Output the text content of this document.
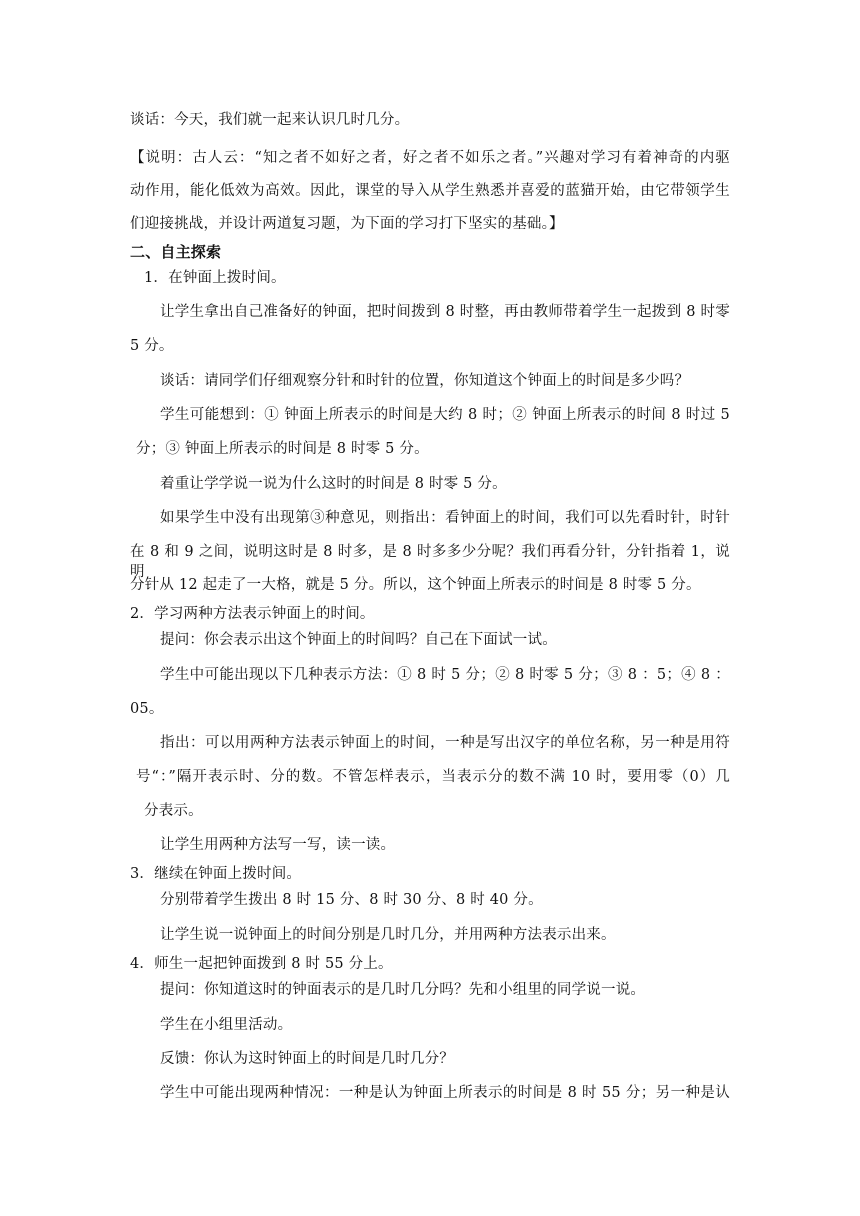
谈话：今天，我们就一起来认识几时几分。
【说明：古人云：“知之者不如好之者，好之者不如乐之者。”兴趣对学习有着神奇的内驱
动作用，能化低效为高效。因此，课堂的导入从学生熟悉并喜爱的蓝猫开始，由它带领学生
们迎接挑战，并设计两道复习题，为下面的学习打下坚实的基础。】
二、自主探索
1．在钟面上拨时间。
让学生拿出自己准备好的钟面，把时间拨到 8 时整，再由教师带着学生一起拨到 8 时零
5 分。
谈话：请同学们仔细观察分针和时针的位置，你知道这个钟面上的时间是多少吗？
学生可能想到：① 钟面上所表示的时间是大约 8 时；② 钟面上所表示的时间 8 时过 5
分；③ 钟面上所表示的时间是 8 时零 5 分。
着重让学学说一说为什么这时的时间是 8 时零 5 分。
如果学生中没有出现第③种意见，则指出：看钟面上的时间，我们可以先看时针，时针
在 8 和 9 之间，说明这时是 8 时多，是 8 时多多少分呢？我们再看分针，分针指着 1，说明
分针从 12 起走了一大格，就是 5 分。所以，这个钟面上所表示的时间是 8 时零 5 分。
2．学习两种方法表示钟面上的时间。
提问：你会表示出这个钟面上的时间吗？自己在下面试一试。
学生中可能出现以下几种表示方法：① 8 时 5 分；② 8 时零 5 分；③ 8 ：5；④ 8 ：
05。
指出：可以用两种方法表示钟面上的时间，一种是写出汉字的单位名称，另一种是用符
号“：”隔开表示时、分的数。不管怎样表示，当表示分的数不满 10 时，要用零（0）几
分表示。
让学生用两种方法写一写，读一读。
3．继续在钟面上拨时间。
分别带着学生拨出 8 时 15 分、8 时 30 分、8 时 40 分。
让学生说一说钟面上的时间分别是几时几分，并用两种方法表示出来。
4．师生一起把钟面拨到 8 时 55 分上。
提问：你知道这时的钟面表示的是几时几分吗？先和小组里的同学说一说。
学生在小组里活动。
反馈：你认为这时钟面上的时间是几时几分？
学生中可能出现两种情况：一种是认为钟面上所表示的时间是 8 时 55 分；另一种是认
